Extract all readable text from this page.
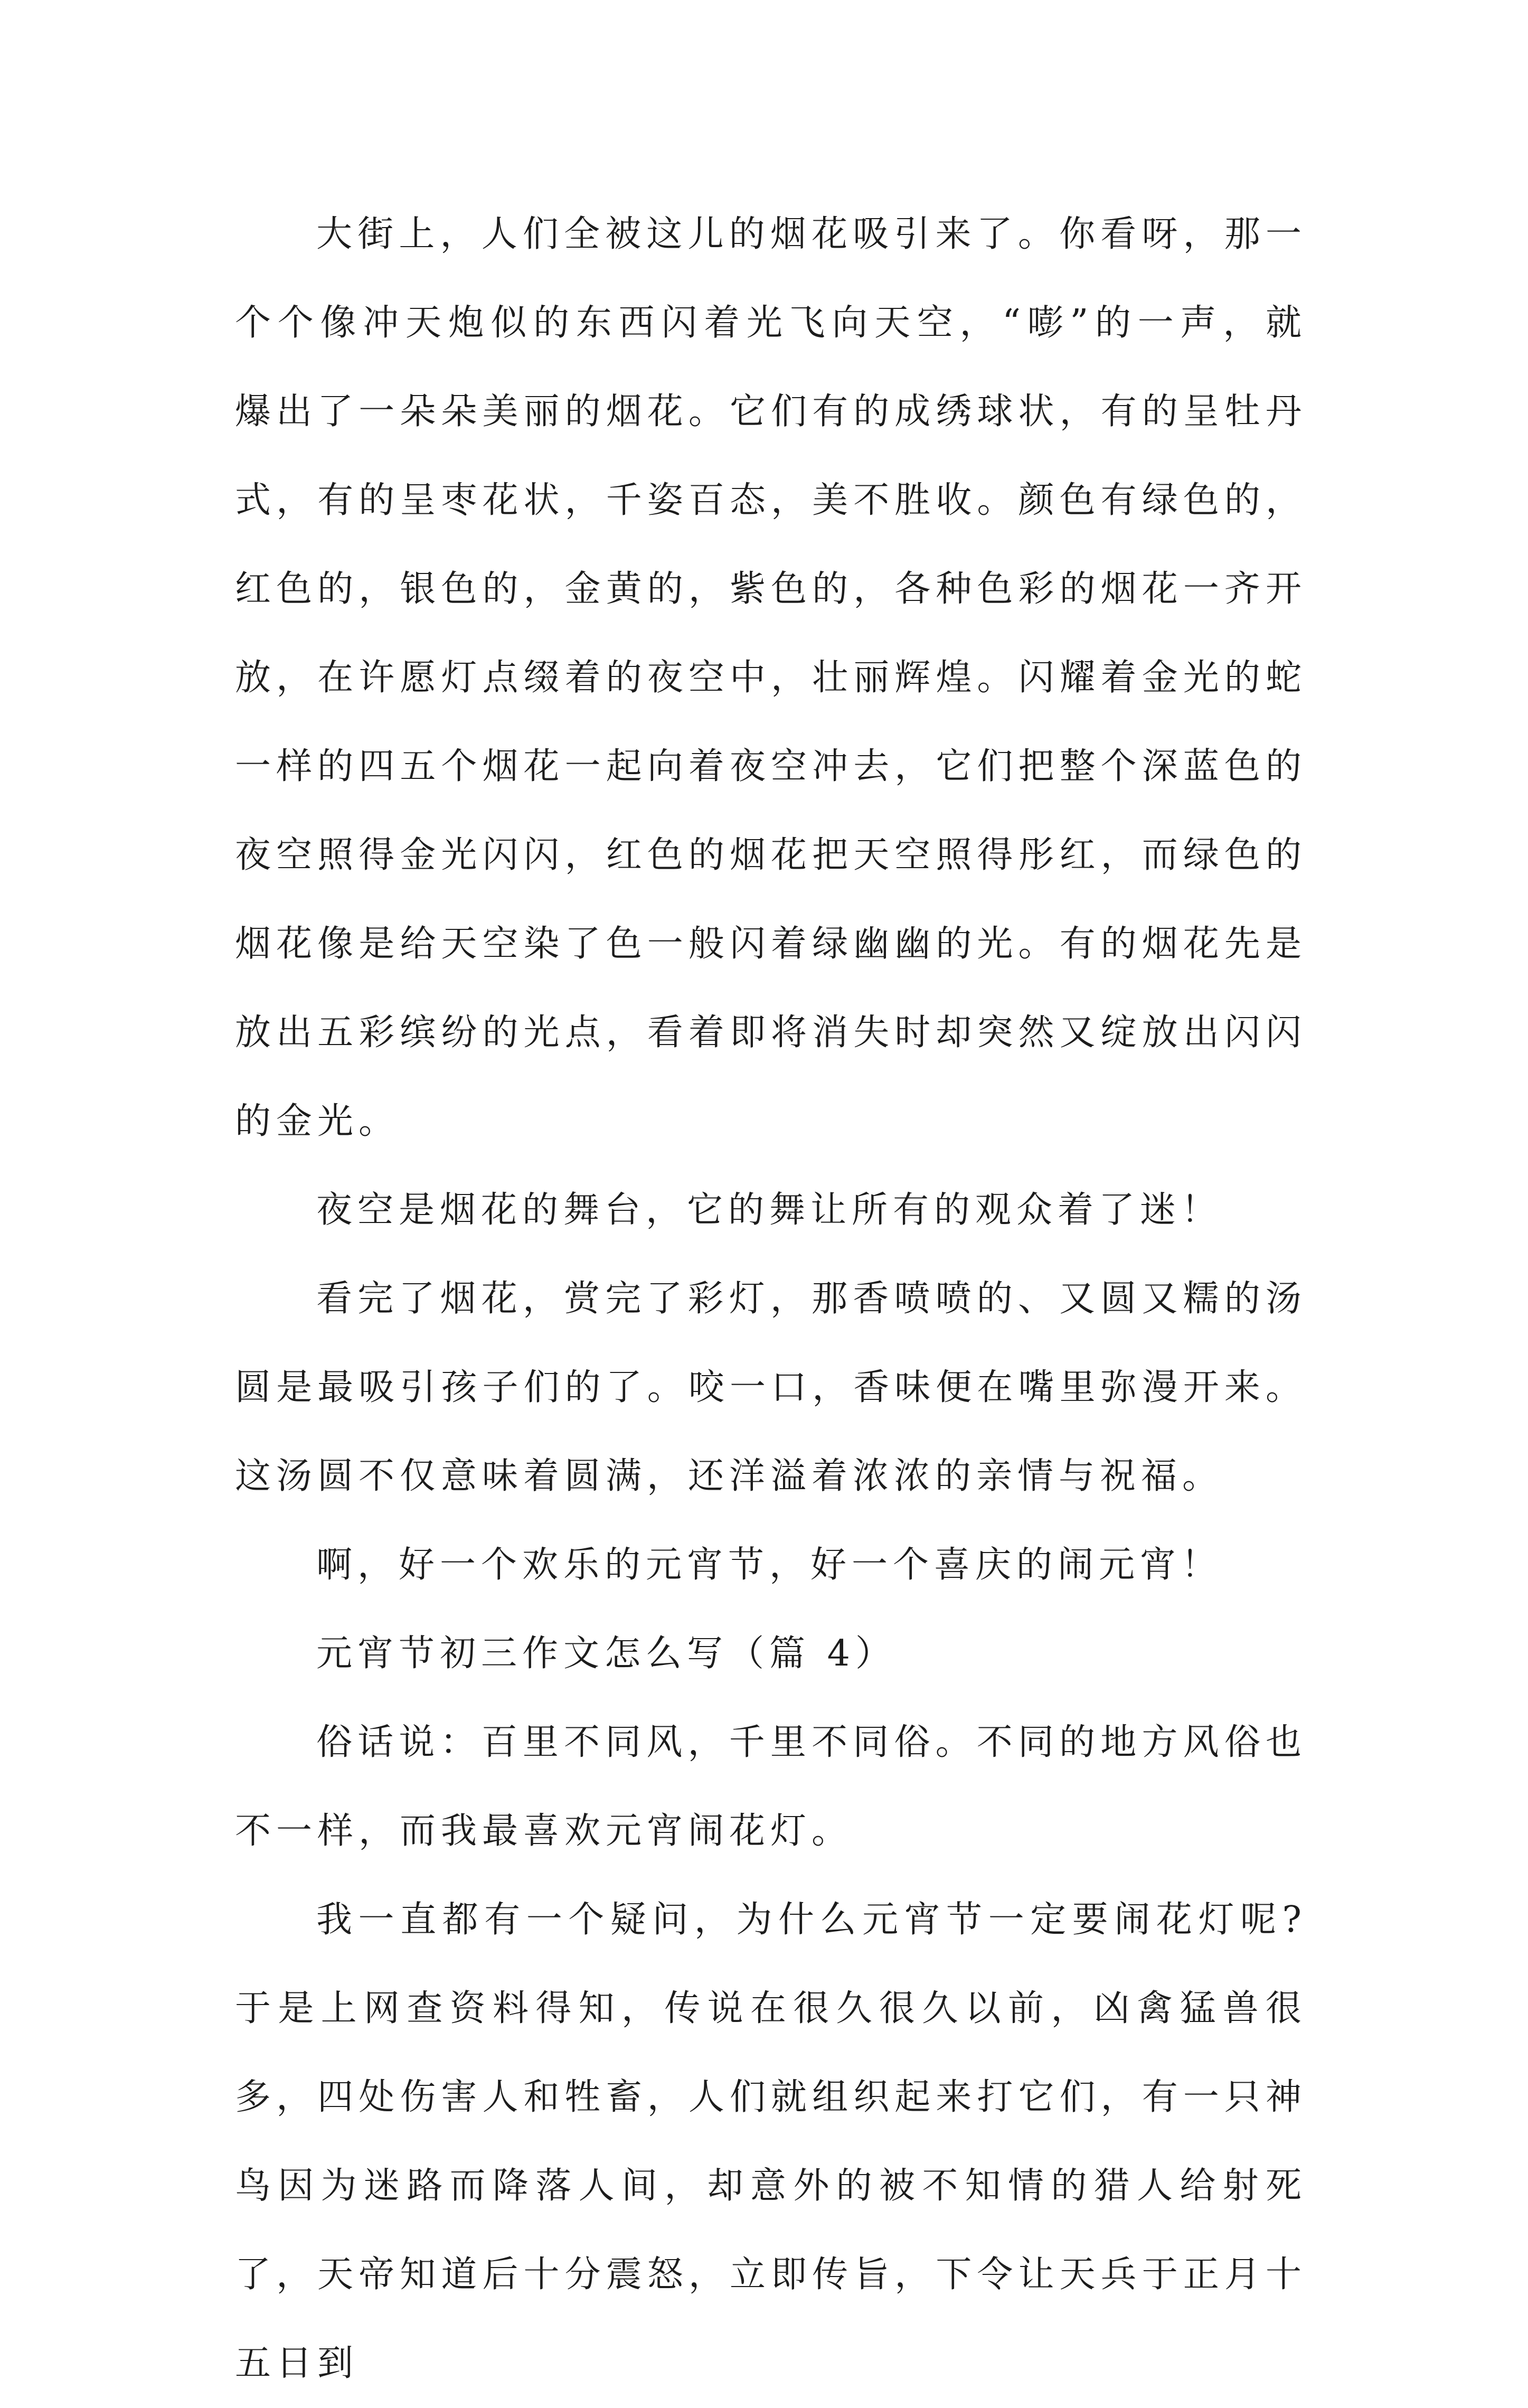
大街上，人们全被这儿的烟花吸引来了。你看呀，那一个个像冲天炮似的东西闪着光飞向天空，“嘭”的一声，就爆出了一朵朵美丽的烟花。它们有的成绣球状，有的呈牡丹式，有的呈枣花状，千姿百态，美不胜收。颜色有绿色的，红色的，银色的，金黄的，紫色的，各种色彩的烟花一齐开放，在许愿灯点缀着的夜空中，壮丽辉煌。闪耀着金光的蛇一样的四五个烟花一起向着夜空冲去，它们把整个深蓝色的夜空照得金光闪闪，红色的烟花把天空照得彤红，而绿色的烟花像是给天空染了色一般闪着绿幽幽的光。有的烟花先是放出五彩缤纷的光点，看着即将消失时却突然又绽放出闪闪的金光。

夜空是烟花的舞台，它的舞让所有的观众着了迷！

看完了烟花，赏完了彩灯，那香喷喷的、又圆又糯的汤圆是最吸引孩子们的了。咬一口，香味便在嘴里弥漫开来。这汤圆不仅意味着圆满，还洋溢着浓浓的亲情与祝福。

啊，好一个欢乐的元宵节，好一个喜庆的闹元宵！

元宵节初三作文怎么写（篇 4）

俗话说：百里不同风，千里不同俗。不同的地方风俗也不一样，而我最喜欢元宵闹花灯。

我一直都有一个疑问，为什么元宵节一定要闹花灯呢?于是上网查资料得知，传说在很久很久以前，凶禽猛兽很多，四处伤害人和牲畜，人们就组织起来打它们，有一只神鸟因为迷路而降落人间，却意外的被不知情的猎人给射死了，天帝知道后十分震怒，立即传旨，下令让天兵于正月十五日到
